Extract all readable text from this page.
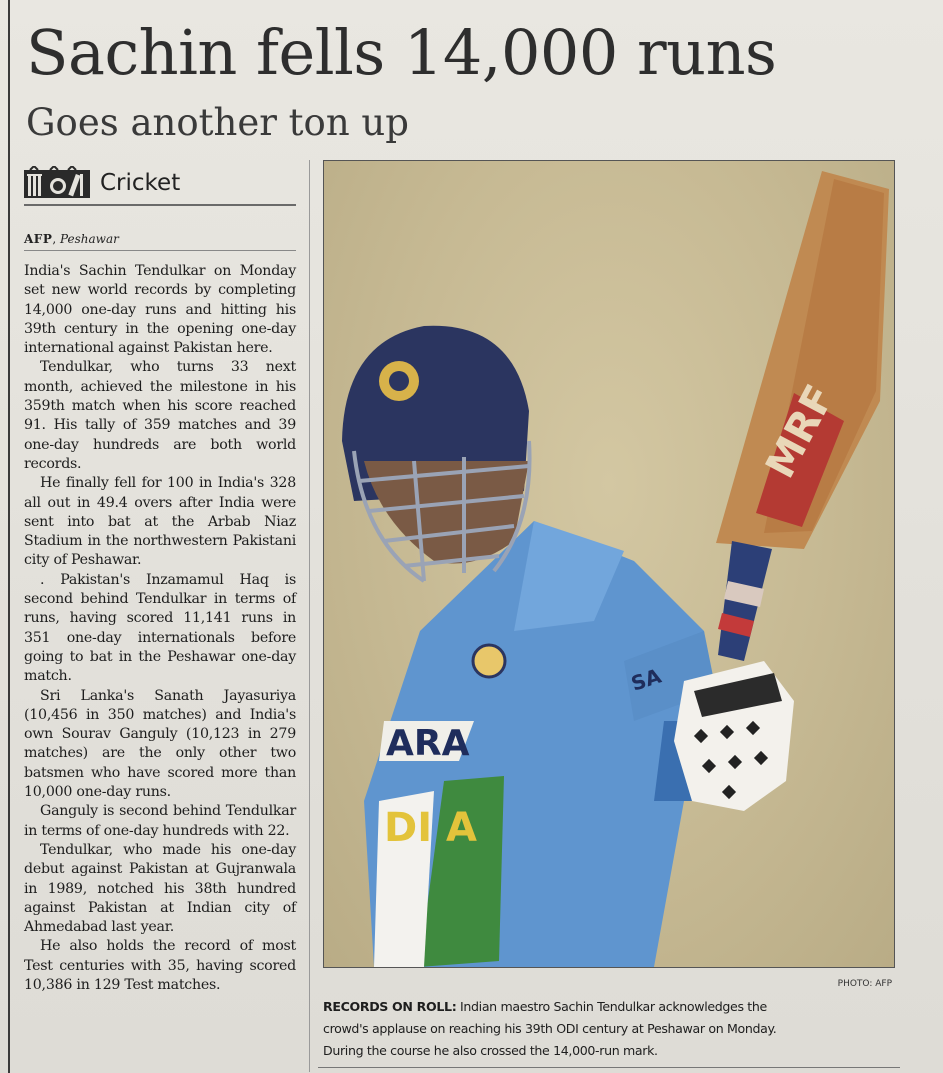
Sachin fells 14,000 runs
Goes another ton up
Cricket
AFP, Peshawar

India's Sachin Tendulkar on Monday set new world records by completing 14,000 one-day runs and hitting his 39th century in the opening one-day international against Pakistan here.

Tendulkar, who turns 33 next month, achieved the milestone in his 359th match when his score reached 91. His tally of 359 matches and 39 one-day hundreds are both world records.

He finally fell for 100 in India's 328 all out in 49.4 overs after India were sent into bat at the Arbab Niaz Stadium in the northwestern Pakistani city of Peshawar.

. Pakistan's Inzamamul Haq is second behind Tendulkar in terms of runs, having scored 11,141 runs in 351 one-day internationals before going to bat in the Peshawar one-day match.

Sri Lanka's Sanath Jayasuriya (10,456 in 350 matches) and India's own Sourav Ganguly (10,123 in 279 matches) are the only other two batsmen who have scored more than 10,000 one-day runs.

Ganguly is second behind Tendulkar in terms of one-day hundreds with 22.

Tendulkar, who made his one-day debut against Pakistan at Gujranwala in 1989, notched his 38th hundred against Pakistan at Indian city of Ahmedabad last year.

He also holds the record of most Test centuries with 35, having scored 10,386 in 129 Test matches.

MRF
ARA
DI A
SA
PHOTO: AFP
RECORDS ON ROLL: Indian maestro Sachin Tendulkar acknowledges the
crowd's applause on reaching his 39th ODI century at Peshawar on Monday.
During the course he also crossed the 14,000-run mark.
